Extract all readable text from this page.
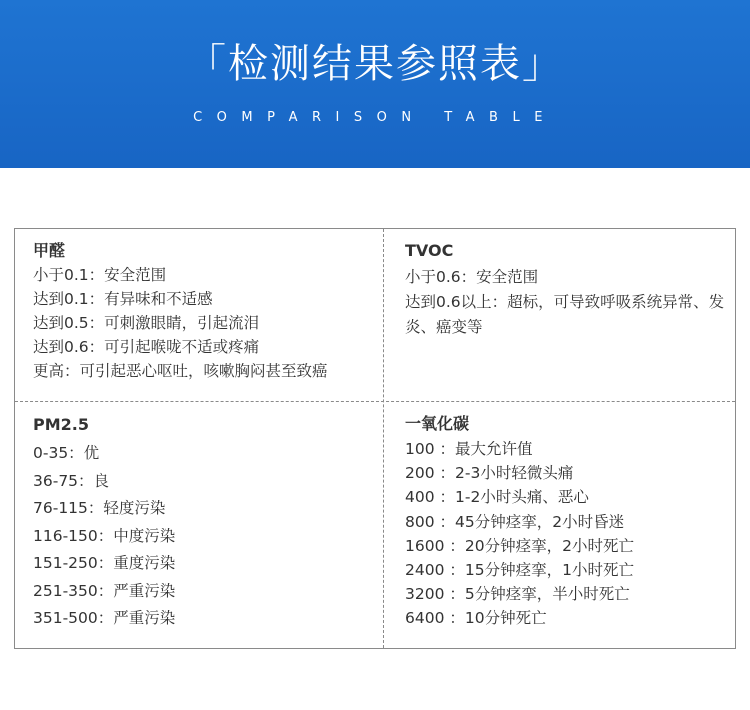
「检测结果参照表」
COMPARISON TABLE
甲醛
小于0.1：安全范围
达到0.1：有异味和不适感
达到0.5：可刺激眼睛，引起流泪
达到0.6：可引起喉咙不适或疼痛
更高：可引起恶心呕吐，咳嗽胸闷甚至致癌
TVOC
小于0.6：安全范围
达到0.6以上：超标，可导致呼吸系统异常、发炎、癌变等
PM2.5
0-35：优
36-75：良
76-115：轻度污染
116-150：中度污染
151-250：重度污染
251-350：严重污染
351-500：严重污染
一氧化碳
100 ：最大允许值
200 ：2-3小时轻微头痛
400 ：1-2小时头痛、恶心
800 ：45分钟痉挛，2小时昏迷
1600 ：20分钟痉挛，2小时死亡
2400 ：15分钟痉挛，1小时死亡
3200 ：5分钟痉挛，半小时死亡
6400 ：10分钟死亡
